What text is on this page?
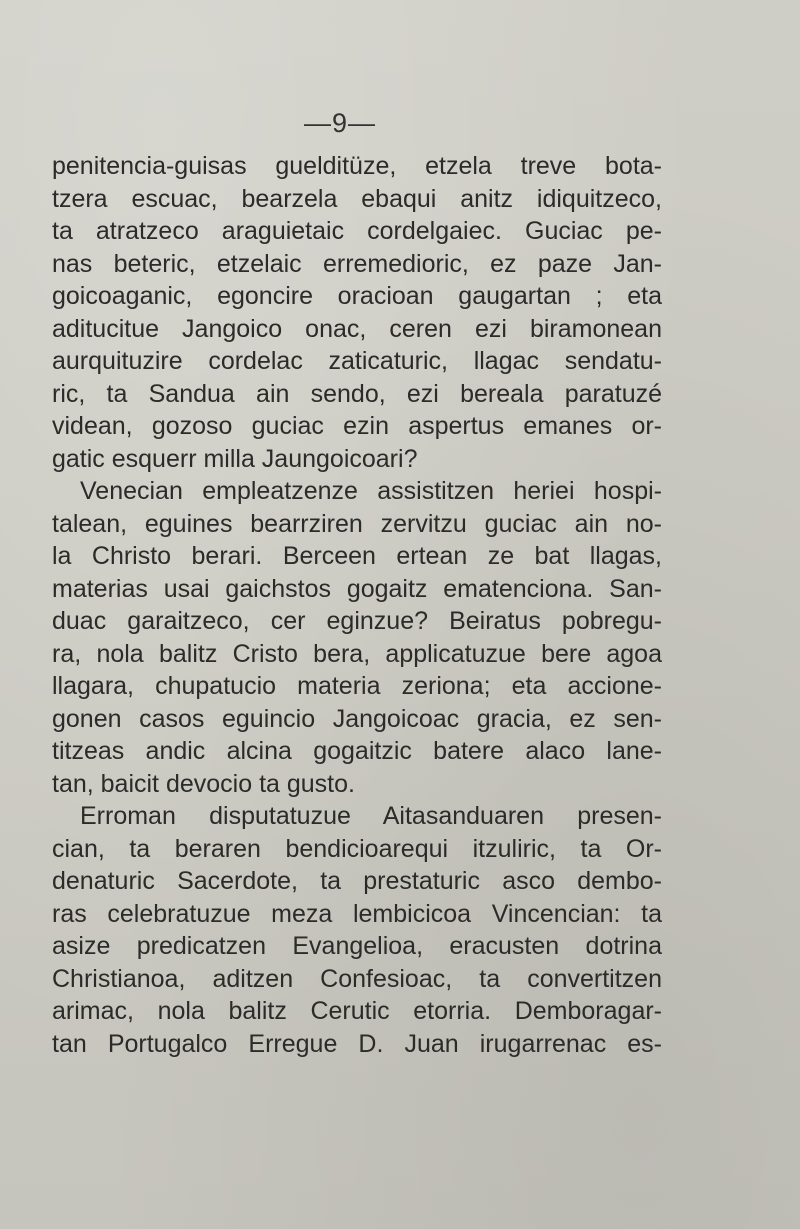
—9—
penitencia-guisas guelditüze, etzela treve bota-
tzera escuac, bearzela ebaqui anitz idiquitzeco,
ta atratzeco araguietaic cordelgaiec. Guciac pe-
nas beteric, etzelaic erremedioric, ez paze Jan-
goicoaganic, egoncire oracioan gaugartan ; eta
aditucitue Jangoico onac, ceren ezi biramonean
aurquituzire cordelac zaticaturic, llagac sendatu-
ric, ta Sandua ain sendo, ezi bereala paratuzé
videan, gozoso guciac ezin aspertus emanes or-
gatic esquerr milla Jaungoicoari?
Venecian empleatzenze assistitzen heriei hospi-
talean, eguines bearrziren zervitzu guciac ain no-
la Christo berari. Berceen ertean ze bat llagas,
materias usai gaichstos gogaitz ematenciona. San-
duac garaitzeco, cer eginzue? Beiratus pobregu-
ra, nola balitz Cristo bera, applicatuzue bere agoa
llagara, chupatucio materia zeriona; eta accione-
gonen casos eguincio Jangoicoac gracia, ez sen-
titzeas andic alcina gogaitzic batere alaco lane-
tan, baicit devocio ta gusto.
Erroman disputatuzue Aitasanduaren presen-
cian, ta beraren bendicioarequi itzuliric, ta Or-
denaturic Sacerdote, ta prestaturic asco dembo-
ras celebratuzue meza lembicicoa Vincencian: ta
asize predicatzen Evangelioa, eracusten dotrina
Christianoa, aditzen Confesioac, ta convertitzen
arimac, nola balitz Cerutic etorria. Demboragar-
tan Portugalco Erregue D. Juan irugarrenac es-
